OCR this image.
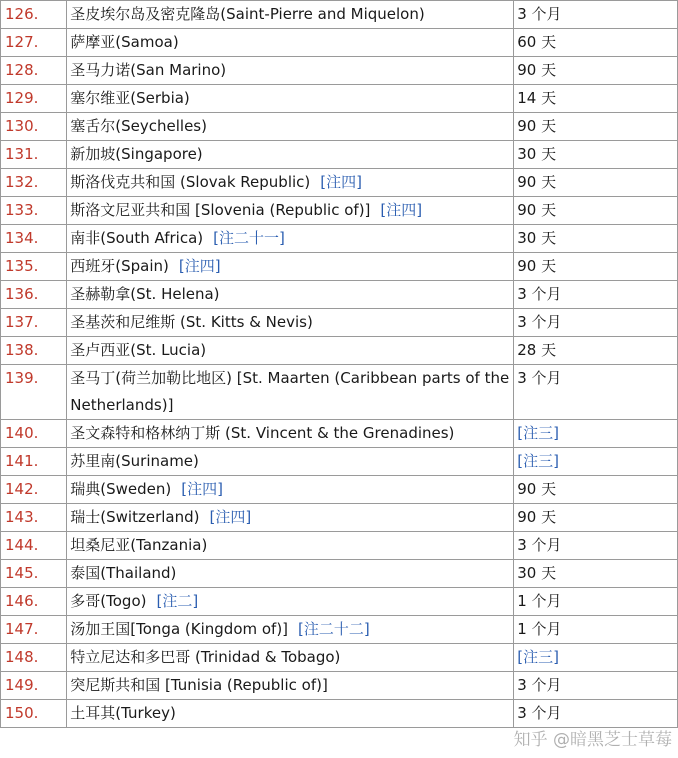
126.	圣皮埃尔岛及密克隆岛(Saint-Pierre and Miquelon)	3 个月
127.	萨摩亚(Samoa)	60 天
128.	圣马力诺(San Marino)	90 天
129.	塞尔维亚(Serbia)	14 天
130.	塞舌尔(Seychelles)	90 天
131.	新加坡(Singapore)	30 天
132.	斯洛伐克共和国 (Slovak Republic) [注四]	90 天
133.	斯洛文尼亚共和国 [Slovenia (Republic of)] [注四]	90 天
134.	南非(South Africa) [注二十一]	30 天
135.	西班牙(Spain) [注四]	90 天
136.	圣赫勒拿(St. Helena)	3 个月
137.	圣基茨和尼维斯 (St. Kitts & Nevis)	3 个月
138.	圣卢西亚(St. Lucia)	28 天
139.	圣马丁(荷兰加勒比地区) [St. Maarten (Caribbean parts of the Netherlands)]	3 个月
140.	圣文森特和格林纳丁斯 (St. Vincent & the Grenadines)	[注三]
141.	苏里南(Suriname)	[注三]
142.	瑞典(Sweden) [注四]	90 天
143.	瑞士(Switzerland) [注四]	90 天
144.	坦桑尼亚(Tanzania)	3 个月
145.	泰国(Thailand)	30 天
146.	多哥(Togo) [注二]	1 个月
147.	汤加王国[Tonga (Kingdom of)] [注二十二]	1 个月
148.	特立尼达和多巴哥 (Trinidad & Tobago)	[注三]
149.	突尼斯共和国 [Tunisia (Republic of)]	3 个月
150.	土耳其(Turkey)	3 个月
知乎 @暗黑芝士草莓
